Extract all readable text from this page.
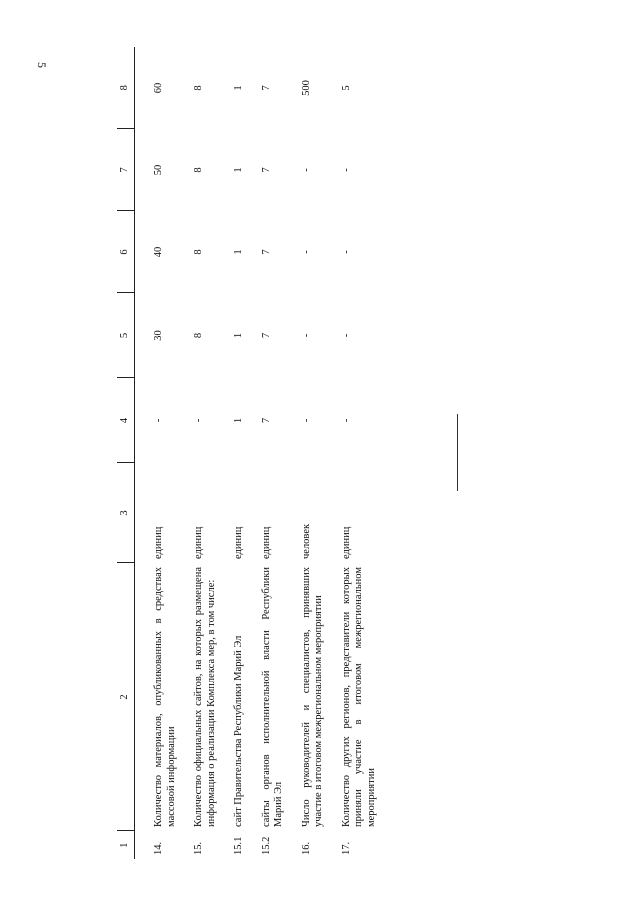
5
1	2	3	4	5	6	7	8
14.	Количество материалов, опубликованных в средствах массовой информации	единиц	-	30	40	50	60
15.	Количество официальных сайтов, на которых размещена информация о реализации Комплекса мер, в том числе:	единиц	-	8	8	8	8
15.1	сайт Правительства Республики Марий Эл	единиц	1	1	1	1	1
15.2	сайты органов исполнительной власти Республики Марий Эл	единиц	7	7	7	7	7
16.	Число руководителей и специалистов, принявших участие в итоговом межрегиональном мероприятии	человек	-	-	-	-	500
17.	Количество других регионов, представители которых приняли участие в итоговом межрегиональном мероприятии	единиц	-	-	-	-	5
